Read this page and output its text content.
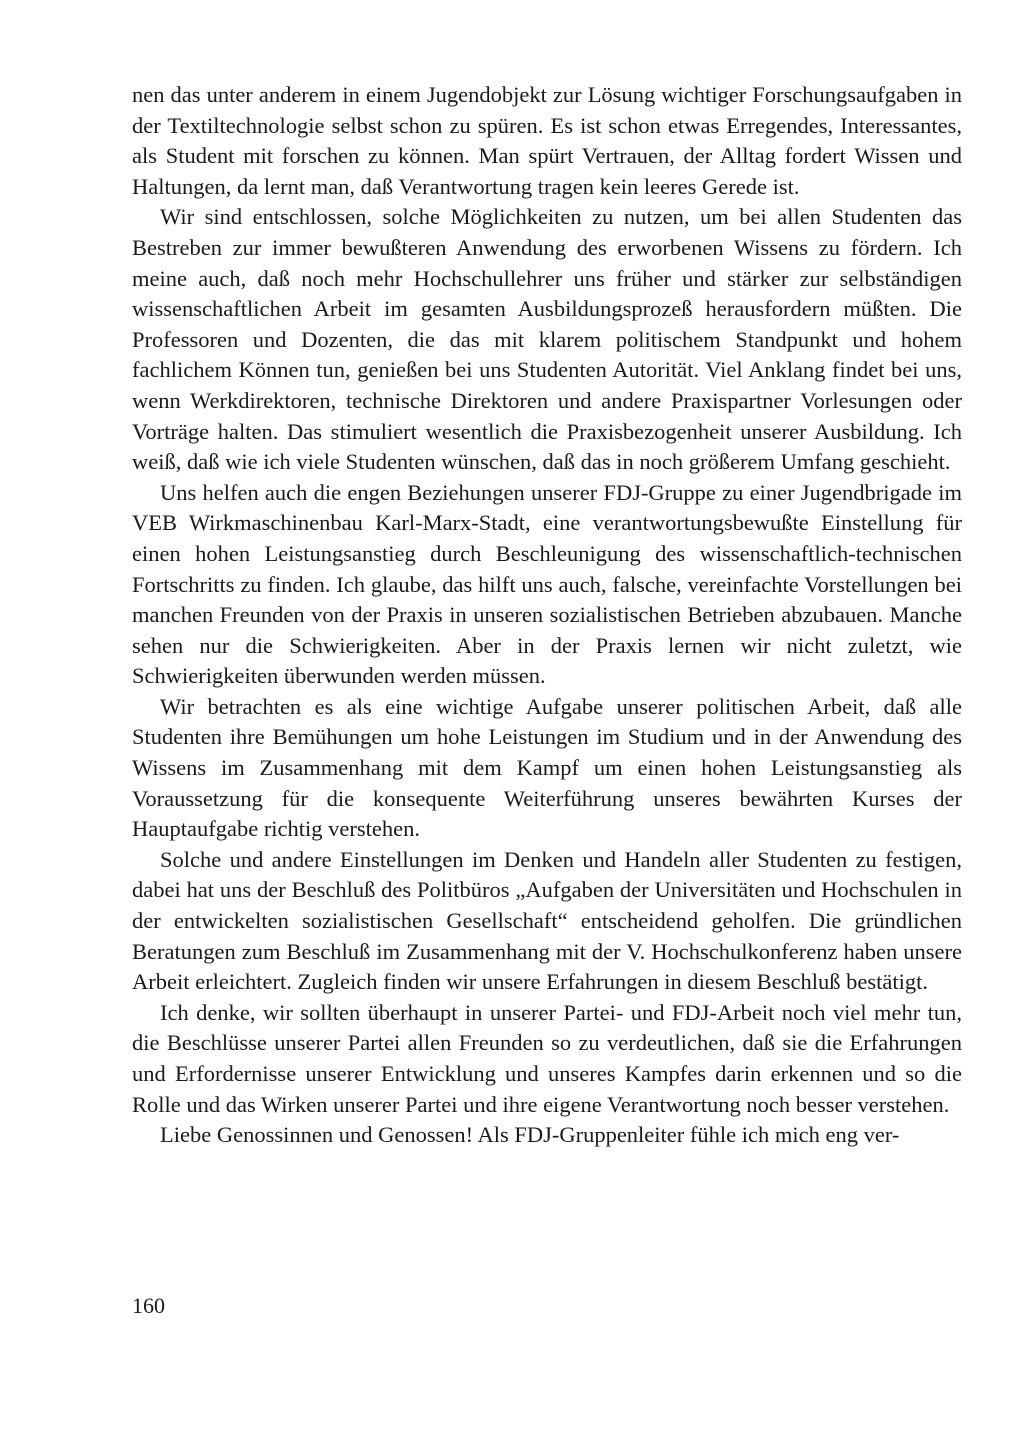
nen das unter anderem in einem Jugendobjekt zur Lösung wichtiger Forschungsaufgaben in der Textiltechnologie selbst schon zu spüren. Es ist schon etwas Erregendes, Interessantes, als Student mit forschen zu können. Man spürt Vertrauen, der Alltag fordert Wissen und Haltungen, da lernt man, daß Verantwortung tragen kein leeres Gerede ist.

Wir sind entschlossen, solche Möglichkeiten zu nutzen, um bei allen Studenten das Bestreben zur immer bewußteren Anwendung des erworbenen Wissens zu fördern. Ich meine auch, daß noch mehr Hochschullehrer uns früher und stärker zur selbständigen wissenschaftlichen Arbeit im gesamten Ausbildungsprozeß herausfordern müßten. Die Professoren und Dozenten, die das mit klarem politischem Standpunkt und hohem fachlichem Können tun, genießen bei uns Studenten Autorität. Viel Anklang findet bei uns, wenn Werkdirektoren, technische Direktoren und andere Praxispartner Vorlesungen oder Vorträge halten. Das stimuliert wesentlich die Praxisbezogenheit unserer Ausbildung. Ich weiß, daß wie ich viele Studenten wünschen, daß das in noch größerem Umfang geschieht.

Uns helfen auch die engen Beziehungen unserer FDJ-Gruppe zu einer Jugendbrigade im VEB Wirkmaschinenbau Karl-Marx-Stadt, eine verantwortungsbewußte Einstellung für einen hohen Leistungsanstieg durch Beschleunigung des wissenschaftlich-technischen Fortschritts zu finden. Ich glaube, das hilft uns auch, falsche, vereinfachte Vorstellungen bei manchen Freunden von der Praxis in unseren sozialistischen Betrieben abzubauen. Manche sehen nur die Schwierigkeiten. Aber in der Praxis lernen wir nicht zuletzt, wie Schwierigkeiten überwunden werden müssen.

Wir betrachten es als eine wichtige Aufgabe unserer politischen Arbeit, daß alle Studenten ihre Bemühungen um hohe Leistungen im Studium und in der Anwendung des Wissens im Zusammenhang mit dem Kampf um einen hohen Leistungsanstieg als Voraussetzung für die konsequente Weiterführung unseres bewährten Kurses der Hauptaufgabe richtig verstehen.

Solche und andere Einstellungen im Denken und Handeln aller Studenten zu festigen, dabei hat uns der Beschluß des Politbüros „Aufgaben der Universitäten und Hochschulen in der entwickelten sozialistischen Gesellschaft“ entscheidend geholfen. Die gründlichen Beratungen zum Beschluß im Zusammenhang mit der V. Hochschulkonferenz haben unsere Arbeit erleichtert. Zugleich finden wir unsere Erfahrungen in diesem Beschluß bestätigt.

Ich denke, wir sollten überhaupt in unserer Partei- und FDJ-Arbeit noch viel mehr tun, die Beschlüsse unserer Partei allen Freunden so zu verdeutlichen, daß sie die Erfahrungen und Erfordernisse unserer Entwicklung und unseres Kampfes darin erkennen und so die Rolle und das Wirken unserer Partei und ihre eigene Verantwortung noch besser verstehen.

Liebe Genossinnen und Genossen! Als FDJ-Gruppenleiter fühle ich mich eng ver-

160
